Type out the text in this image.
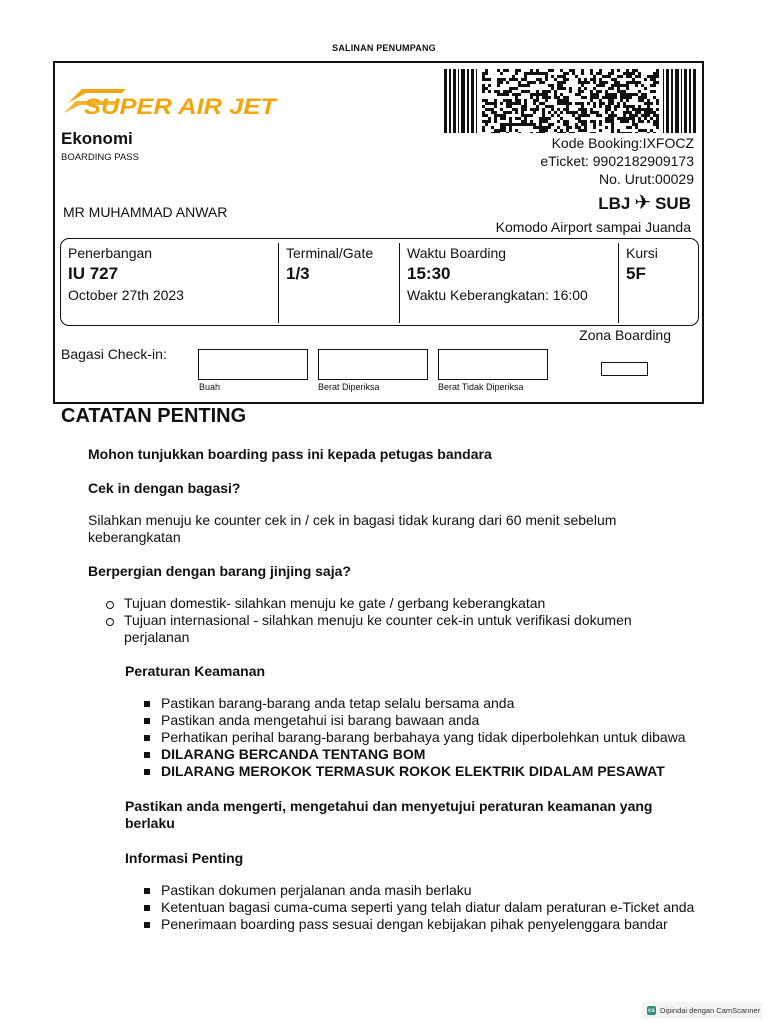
SALINAN PENUMPANG
SUPER AIR JET
Ekonomi
BOARDING PASS
Kode Booking:IXFOCZ
eTicket: 9902182909173
No. Urut:00029
MR MUHAMMAD ANWAR	LBJ ✈ SUB
Komodo Airport sampai Juanda
Penerbangan
IU 727
October 27th 2023
Terminal/Gate
1/3
Waktu Boarding
15:30
Waktu Keberangkatan: 16:00
Kursi
5F
Zona Boarding
Bagasi Check-in:
Buah	Berat Diperiksa	Berat Tidak Diperiksa
CATATAN PENTING
Mohon tunjukkan boarding pass ini kepada petugas bandara
Cek in dengan bagasi?
Silahkan menuju ke counter cek in / cek in bagasi tidak kurang dari 60 menit sebelum
keberangkatan
Berpergian dengan barang jinjing saja?
Tujuan domestik- silahkan menuju ke gate / gerbang keberangkatan
Tujuan internasional - silahkan menuju ke counter cek-in untuk verifikasi dokumen perjalanan
Peraturan Keamanan
Pastikan barang-barang anda tetap selalu bersama anda
Pastikan anda mengetahui isi barang bawaan anda
Perhatikan perihal barang-barang berbahaya yang tidak diperbolehkan untuk dibawa
DILARANG BERCANDA TENTANG BOM
DILARANG MEROKOK TERMASUK ROKOK ELEKTRIK DIDALAM PESAWAT
Pastikan anda mengerti, mengetahui dan menyetujui peraturan keamanan yang
berlaku
Informasi Penting
Pastikan dokumen perjalanan anda masih berlaku
Ketentuan bagasi cuma-cuma seperti yang telah diatur dalam peraturan e-Ticket anda
Penerimaan boarding pass sesuai dengan kebijakan pihak penyelenggara bandar
cs Dipindai dengan CamScanner
